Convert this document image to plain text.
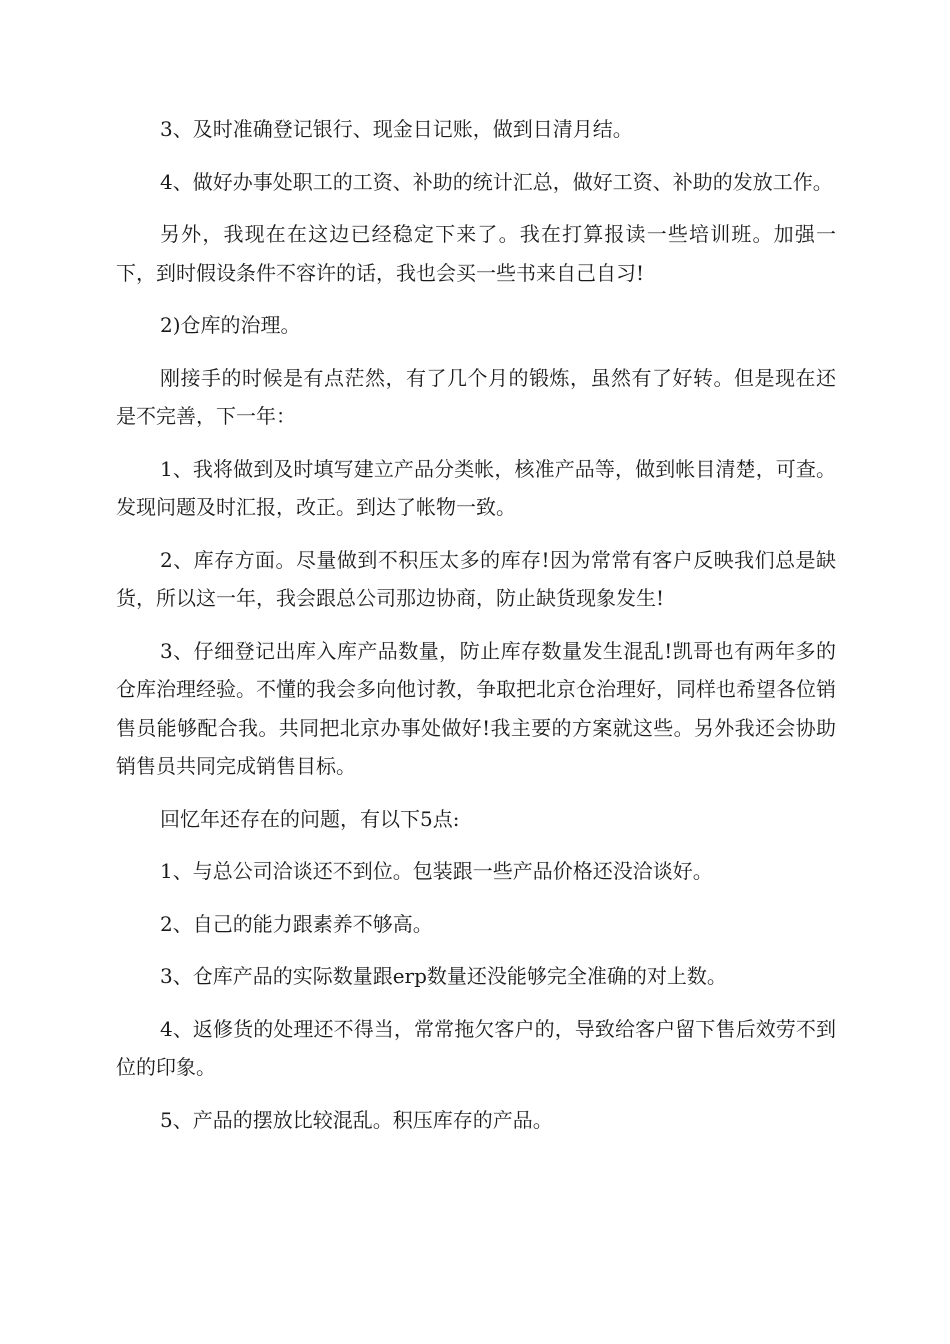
3、及时准确登记银行、现金日记账，做到日清月结。

4、做好办事处职工的工资、补助的统计汇总，做好工资、补助的发放工作。

另外，我现在在这边已经稳定下来了。我在打算报读一些培训班。加强一下，到时假设条件不容许的话，我也会买一些书来自己自习!

2)仓库的治理。

刚接手的时候是有点茫然，有了几个月的锻炼，虽然有了好转。但是现在还是不完善，下一年：

1、我将做到及时填写建立产品分类帐，核准产品等，做到帐目清楚，可查。发现问题及时汇报，改正。到达了帐物一致。

2、库存方面。尽量做到不积压太多的库存!因为常常有客户反映我们总是缺货，所以这一年，我会跟总公司那边协商，防止缺货现象发生!

3、仔细登记出库入库产品数量，防止库存数量发生混乱!凯哥也有两年多的仓库治理经验。不懂的我会多向他讨教，争取把北京仓治理好，同样也希望各位销售员能够配合我。共同把北京办事处做好!我主要的方案就这些。另外我还会协助销售员共同完成销售目标。

回忆年还存在的问题，有以下5点:

1、与总公司洽谈还不到位。包装跟一些产品价格还没洽谈好。

2、自己的能力跟素养不够高。

3、仓库产品的实际数量跟erp数量还没能够完全准确的对上数。

4、返修货的处理还不得当，常常拖欠客户的，导致给客户留下售后效劳不到位的印象。

5、产品的摆放比较混乱。积压库存的产品。
